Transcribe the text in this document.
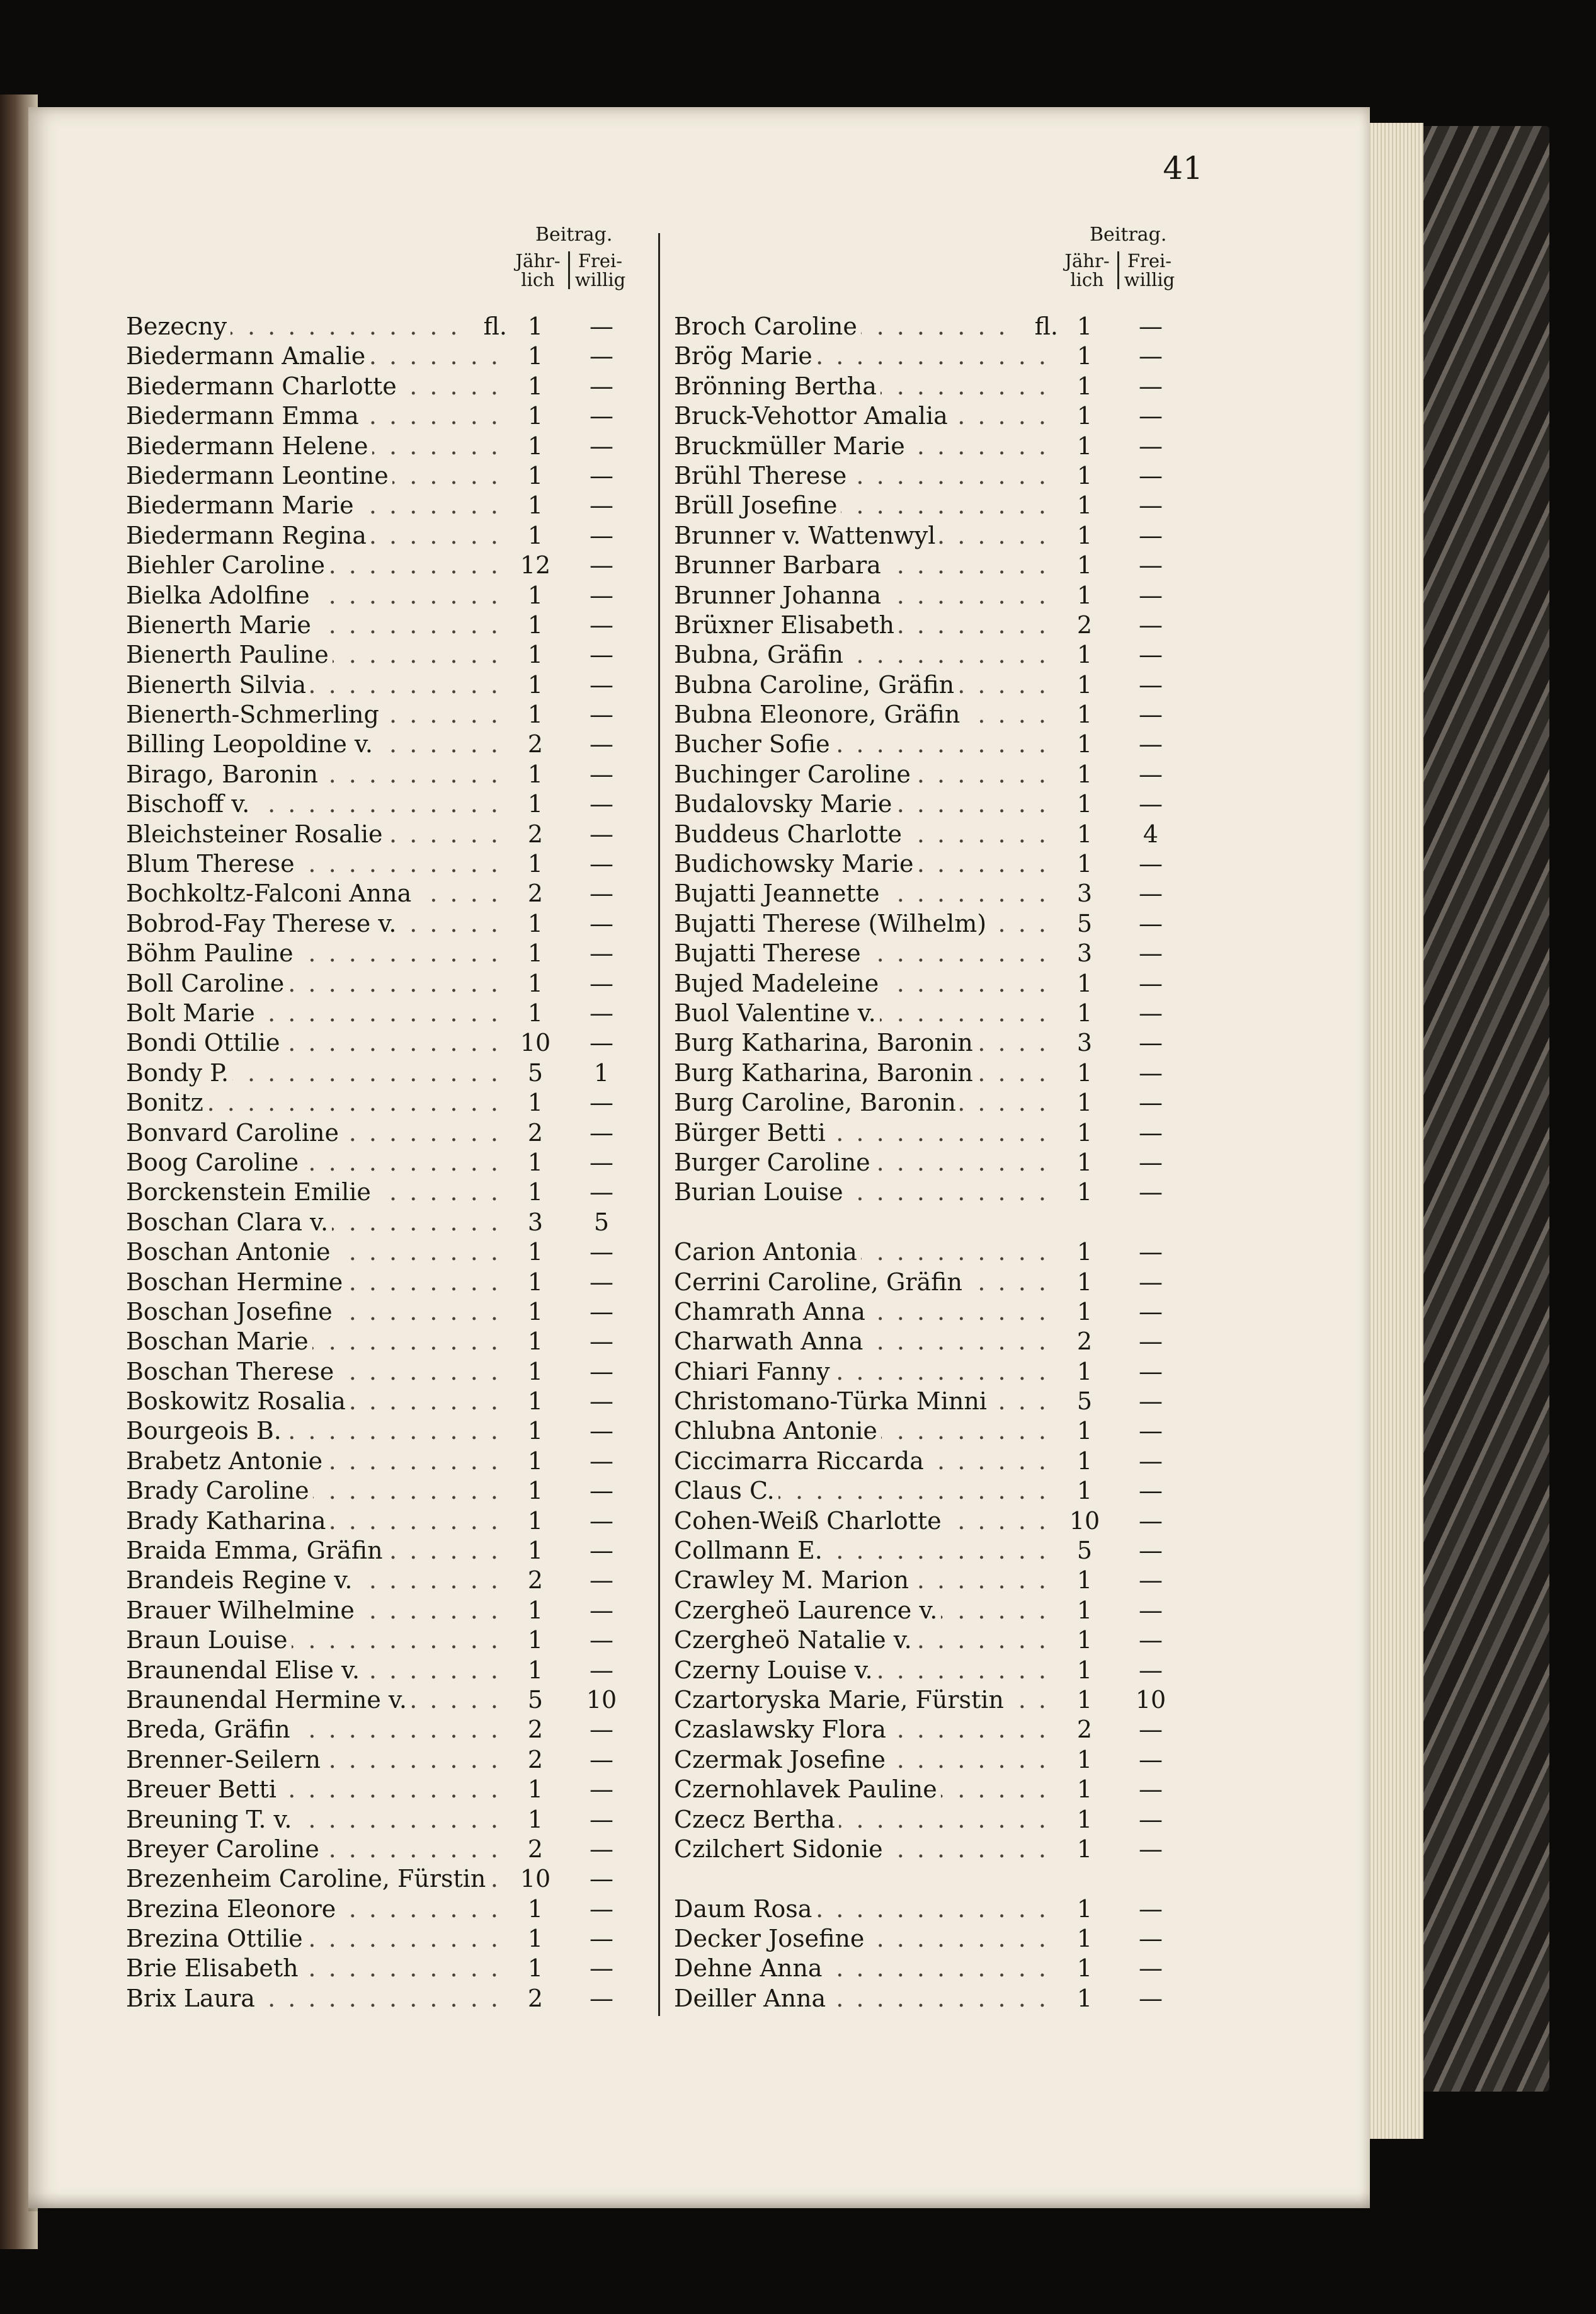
41
Beitrag.
Jähr-
lich
Frei-
willig
Bezecny . . .	fl. 1	—
Biedermann Amalie . . .	1	—
Biedermann Charlotte . . .	1	—
Biedermann Emma . . .	1	—
Biedermann Helene . . .	1	—
Biedermann Leontine . . .	1	—
Biedermann Marie . . .	1	—
Biedermann Regina . . .	1	—
Biehler Caroline . . .	12	—
Bielka Adolfine . . .	1	—
Bienerth Marie . . .	1	—
Bienerth Pauline . . .	1	—
Bienerth Silvia . . .	1	—
Bienerth-Schmerling . . .	1	—
Billing Leopoldine v. . . .	2	—
Birago, Baronin . . .	1	—
Bischoff v. . . .	1	—
Bleichsteiner Rosalie . . .	2	—
Blum Therese . . .	1	—
Bochkoltz-Falconi Anna . . .	2	—
Bobrod-Fay Therese v. . . .	1	—
Böhm Pauline . . .	1	—
Boll Caroline . . .	1	—
Bolt Marie . . .	1	—
Bondi Ottilie . . .	10	—
Bondy P. . . .	5	1
Bonitz . . .	1	—
Bonvard Caroline . . .	2	—
Boog Caroline . . .	1	—
Borckenstein Emilie . . .	1	—
Boschan Clara v. . . .	3	5
Boschan Antonie . . .	1	—
Boschan Hermine . . .	1	—
Boschan Josefine . . .	1	—
Boschan Marie . . .	1	—
Boschan Therese . . .	1	—
Boskowitz Rosalia . . .	1	—
Bourgeois B. . . .	1	—
Brabetz Antonie . . .	1	—
Brady Caroline . . .	1	—
Brady Katharina . . .	1	—
Braida Emma, Gräfin . . .	1	—
Brandeis Regine v. . . .	2	—
Brauer Wilhelmine . . .	1	—
Braun Louise . . .	1	—
Braunendal Elise v. . . .	1	—
Braunendal Hermine v. . . .	5	10
Breda, Gräfin . . .	2	—
Brenner-Seilern . . .	2	—
Breuer Betti . . .	1	—
Breuning T. v. . . .	1	—
Breyer Caroline . . .	2	—
Brezenheim Caroline, Fürstin . . .	10	—
Brezina Eleonore . . .	1	—
Brezina Ottilie . . .	1	—
Brie Elisabeth . . .	1	—
Brix Laura . . .	2	—
Beitrag.
Jähr-
lich
Frei-
willig
Broch Caroline . . .	fl. 1	—
Brög Marie . . .	1	—
Brönning Bertha . . .	1	—
Bruck-Vehottor Amalia . . .	1	—
Bruckmüller Marie . . .	1	—
Brühl Therese . . .	1	—
Brüll Josefine . . .	1	—
Brunner v. Wattenwyl . . .	1	—
Brunner Barbara . . .	1	—
Brunner Johanna . . .	1	—
Brüxner Elisabeth . . .	2	—
Bubna, Gräfin . . .	1	—
Bubna Caroline, Gräfin . . .	1	—
Bubna Eleonore, Gräfin . . .	1	—
Bucher Sofie . . .	1	—
Buchinger Caroline . . .	1	—
Budalovsky Marie . . .	1	—
Buddeus Charlotte . . .	1	4
Budichowsky Marie . . .	1	—
Bujatti Jeannette . . .	3	—
Bujatti Therese (Wilhelm) . . .	5	—
Bujatti Therese . . .	3	—
Bujed Madeleine . . .	1	—
Buol Valentine v. . . .	1	—
Burg Katharina, Baronin . . .	3	—
Burg Katharina, Baronin . . .	1	—
Burg Caroline, Baronin . . .	1	—
Bürger Betti . . .	1	—
Burger Caroline . . .	1	—
Burian Louise . . .	1	—
Carion Antonia . . .	1	—
Cerrini Caroline, Gräfin . . .	1	—
Chamrath Anna . . .	1	—
Charwath Anna . . .	2	—
Chiari Fanny . . .	1	—
Christomano-Türka Minni . . .	5	—
Chlubna Antonie . . .	1	—
Ciccimarra Riccarda . . .	1	—
Claus C. . . .	1	—
Cohen-Weiß Charlotte . . .	10	—
Collmann E. . . .	5	—
Crawley M. Marion . . .	1	—
Czergheö Laurence v. . . .	1	—
Czergheö Natalie v. . . .	1	—
Czerny Louise v. . . .	1	—
Czartoryska Marie, Fürstin . . .	1	10
Czaslawsky Flora . . .	2	—
Czermak Josefine . . .	1	—
Czernohlavek Pauline . . .	1	—
Czecz Bertha . . .	1	—
Czilchert Sidonie . . .	1	—
Daum Rosa . . .	1	—
Decker Josefine . . .	1	—
Dehne Anna . . .	1	—
Deiller Anna . . .	1	—
